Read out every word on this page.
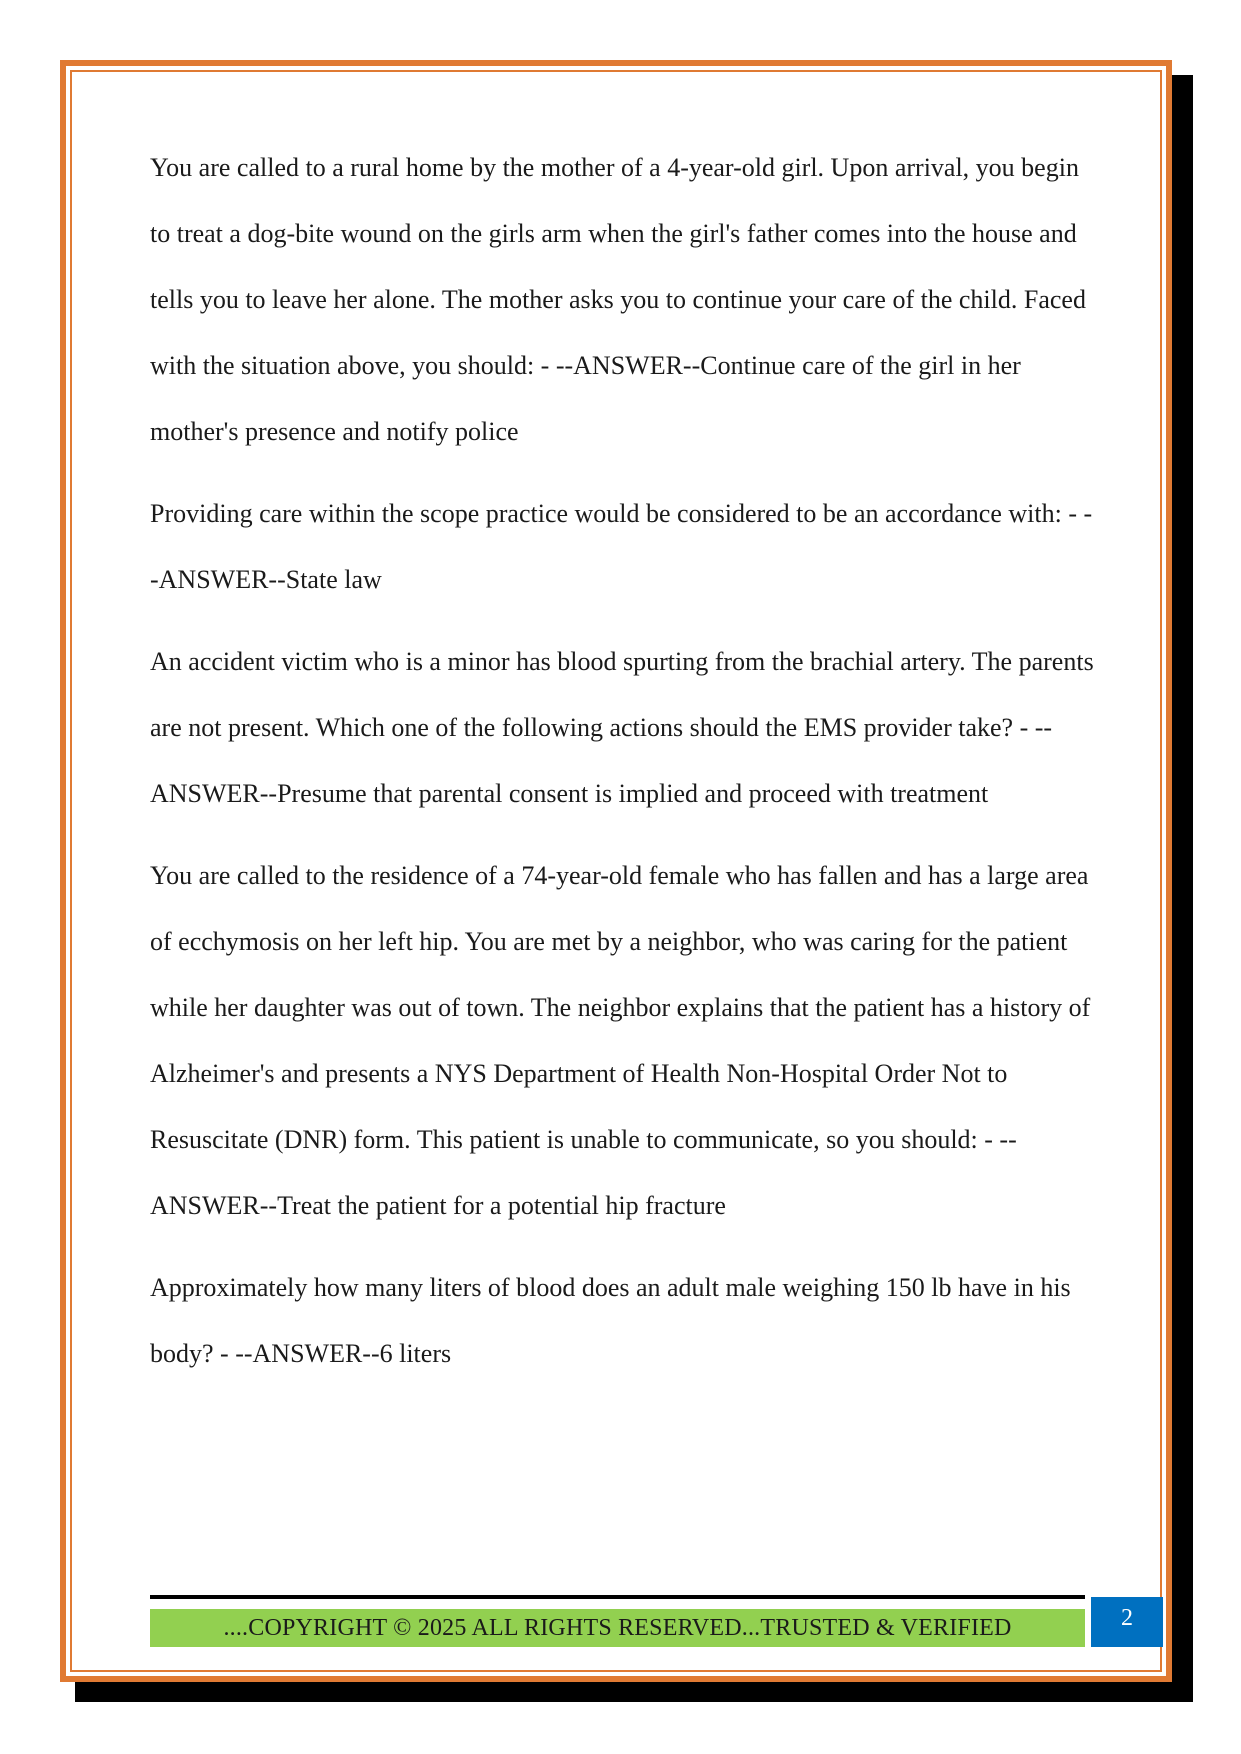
You are called to a rural home by the mother of a 4-year-old girl. Upon arrival, you begin to treat a dog-bite wound on the girls arm when the girl's father comes into the house and tells you to leave her alone. The mother asks you to continue your care of the child. Faced with the situation above, you should: - --ANSWER--Continue care of the girl in her mother's presence and notify police

Providing care within the scope practice would be considered to be an accordance with: - --ANSWER--State law

An accident victim who is a minor has blood spurting from the brachial artery. The parents are not present. Which one of the following actions should the EMS provider take? - --ANSWER--Presume that parental consent is implied and proceed with treatment

You are called to the residence of a 74-year-old female who has fallen and has a large area of ecchymosis on her left hip. You are met by a neighbor, who was caring for the patient while her daughter was out of town. The neighbor explains that the patient has a history of Alzheimer's and presents a NYS Department of Health Non-Hospital Order Not to Resuscitate (DNR) form. This patient is unable to communicate, so you should: - --ANSWER--Treat the patient for a potential hip fracture

Approximately how many liters of blood does an adult male weighing 150 lb have in his body? - --ANSWER--6 liters

....COPYRIGHT © 2025 ALL RIGHTS RESERVED...TRUSTED & VERIFIED	2
